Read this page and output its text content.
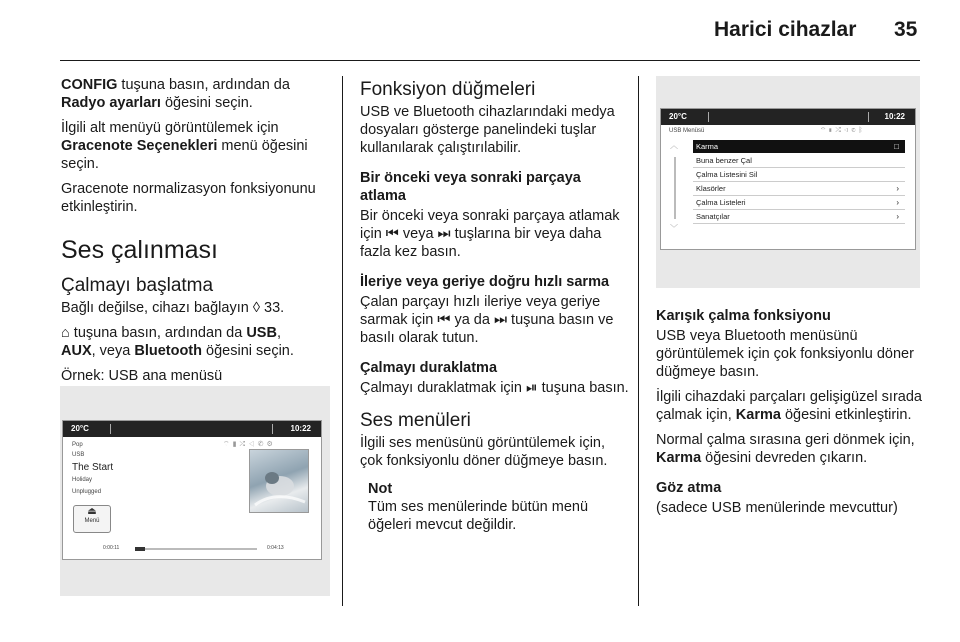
Harici cihazlar 35

CONFIG tuşuna basın, ardından da Radyo ayarları öğesini seçin.

İlgili alt menüyü görüntülemek için Gracenote Seçenekleri menü öğesini seçin.

Gracenote normalizasyon fonksiyonunu etkinleştirin.

Ses çalınması
Çalmayı başlatma

Bağlı değilse, cihazı bağlayın ◊ 33.

⌂ tuşuna basın, ardından da USB,
AUX, veya Bluetooth öğesini seçin.

Örnek: USB ana menüsü

20°C	10:22
⌔▮⤮◁✆⚙
Pop
USB
The Start
Holiday
Unplugged
⏏
Menü
0:00:11	0:04:13
Fonksiyon düğmeleri

USB ve Bluetooth cihazlarındaki medya dosyaları gösterge panelindeki tuşlar kullanılarak çalıştırılabilir.

Bir önceki veya sonraki parçaya atlama

Bir önceki veya sonraki parçaya atlamak için ⏮ veya ⏭ tuşlarına bir veya daha fazla kez basın.

İleriye veya geriye doğru hızlı sarma

Çalan parçayı hızlı ileriye veya geriye sarmak için ⏮ ya da ⏭ tuşuna basın ve basılı olarak tutun.

Çalmayı duraklatma

Çalmayı duraklatmak için ⏯ tuşuna basın.

Ses menüleri

İlgili ses menüsünü görüntülemek için, çok fonksiyonlu döner düğmeye basın.

Not
Tüm ses menülerinde bütün menü öğeleri mevcut değildir.
20°C	10:22
USB Menüsü	⌔▮⤮◁✆ᛒ
︿
﹀
Karma	□
Buna benzer Çal
Çalma Listesini Sil
Klasörler	›
Çalma Listeleri	›
Sanatçılar	›
Karışık çalma fonksiyonu

USB veya Bluetooth menüsünü görüntülemek için çok fonksiyonlu döner düğmeye basın.

İlgili cihazdaki parçaları gelişigüzel sırada çalmak için, Karma öğesini etkinleştirin.

Normal çalma sırasına geri dönmek için, Karma öğesini devreden çıkarın.

Göz atma

(sadece USB menülerinde mevcuttur)
